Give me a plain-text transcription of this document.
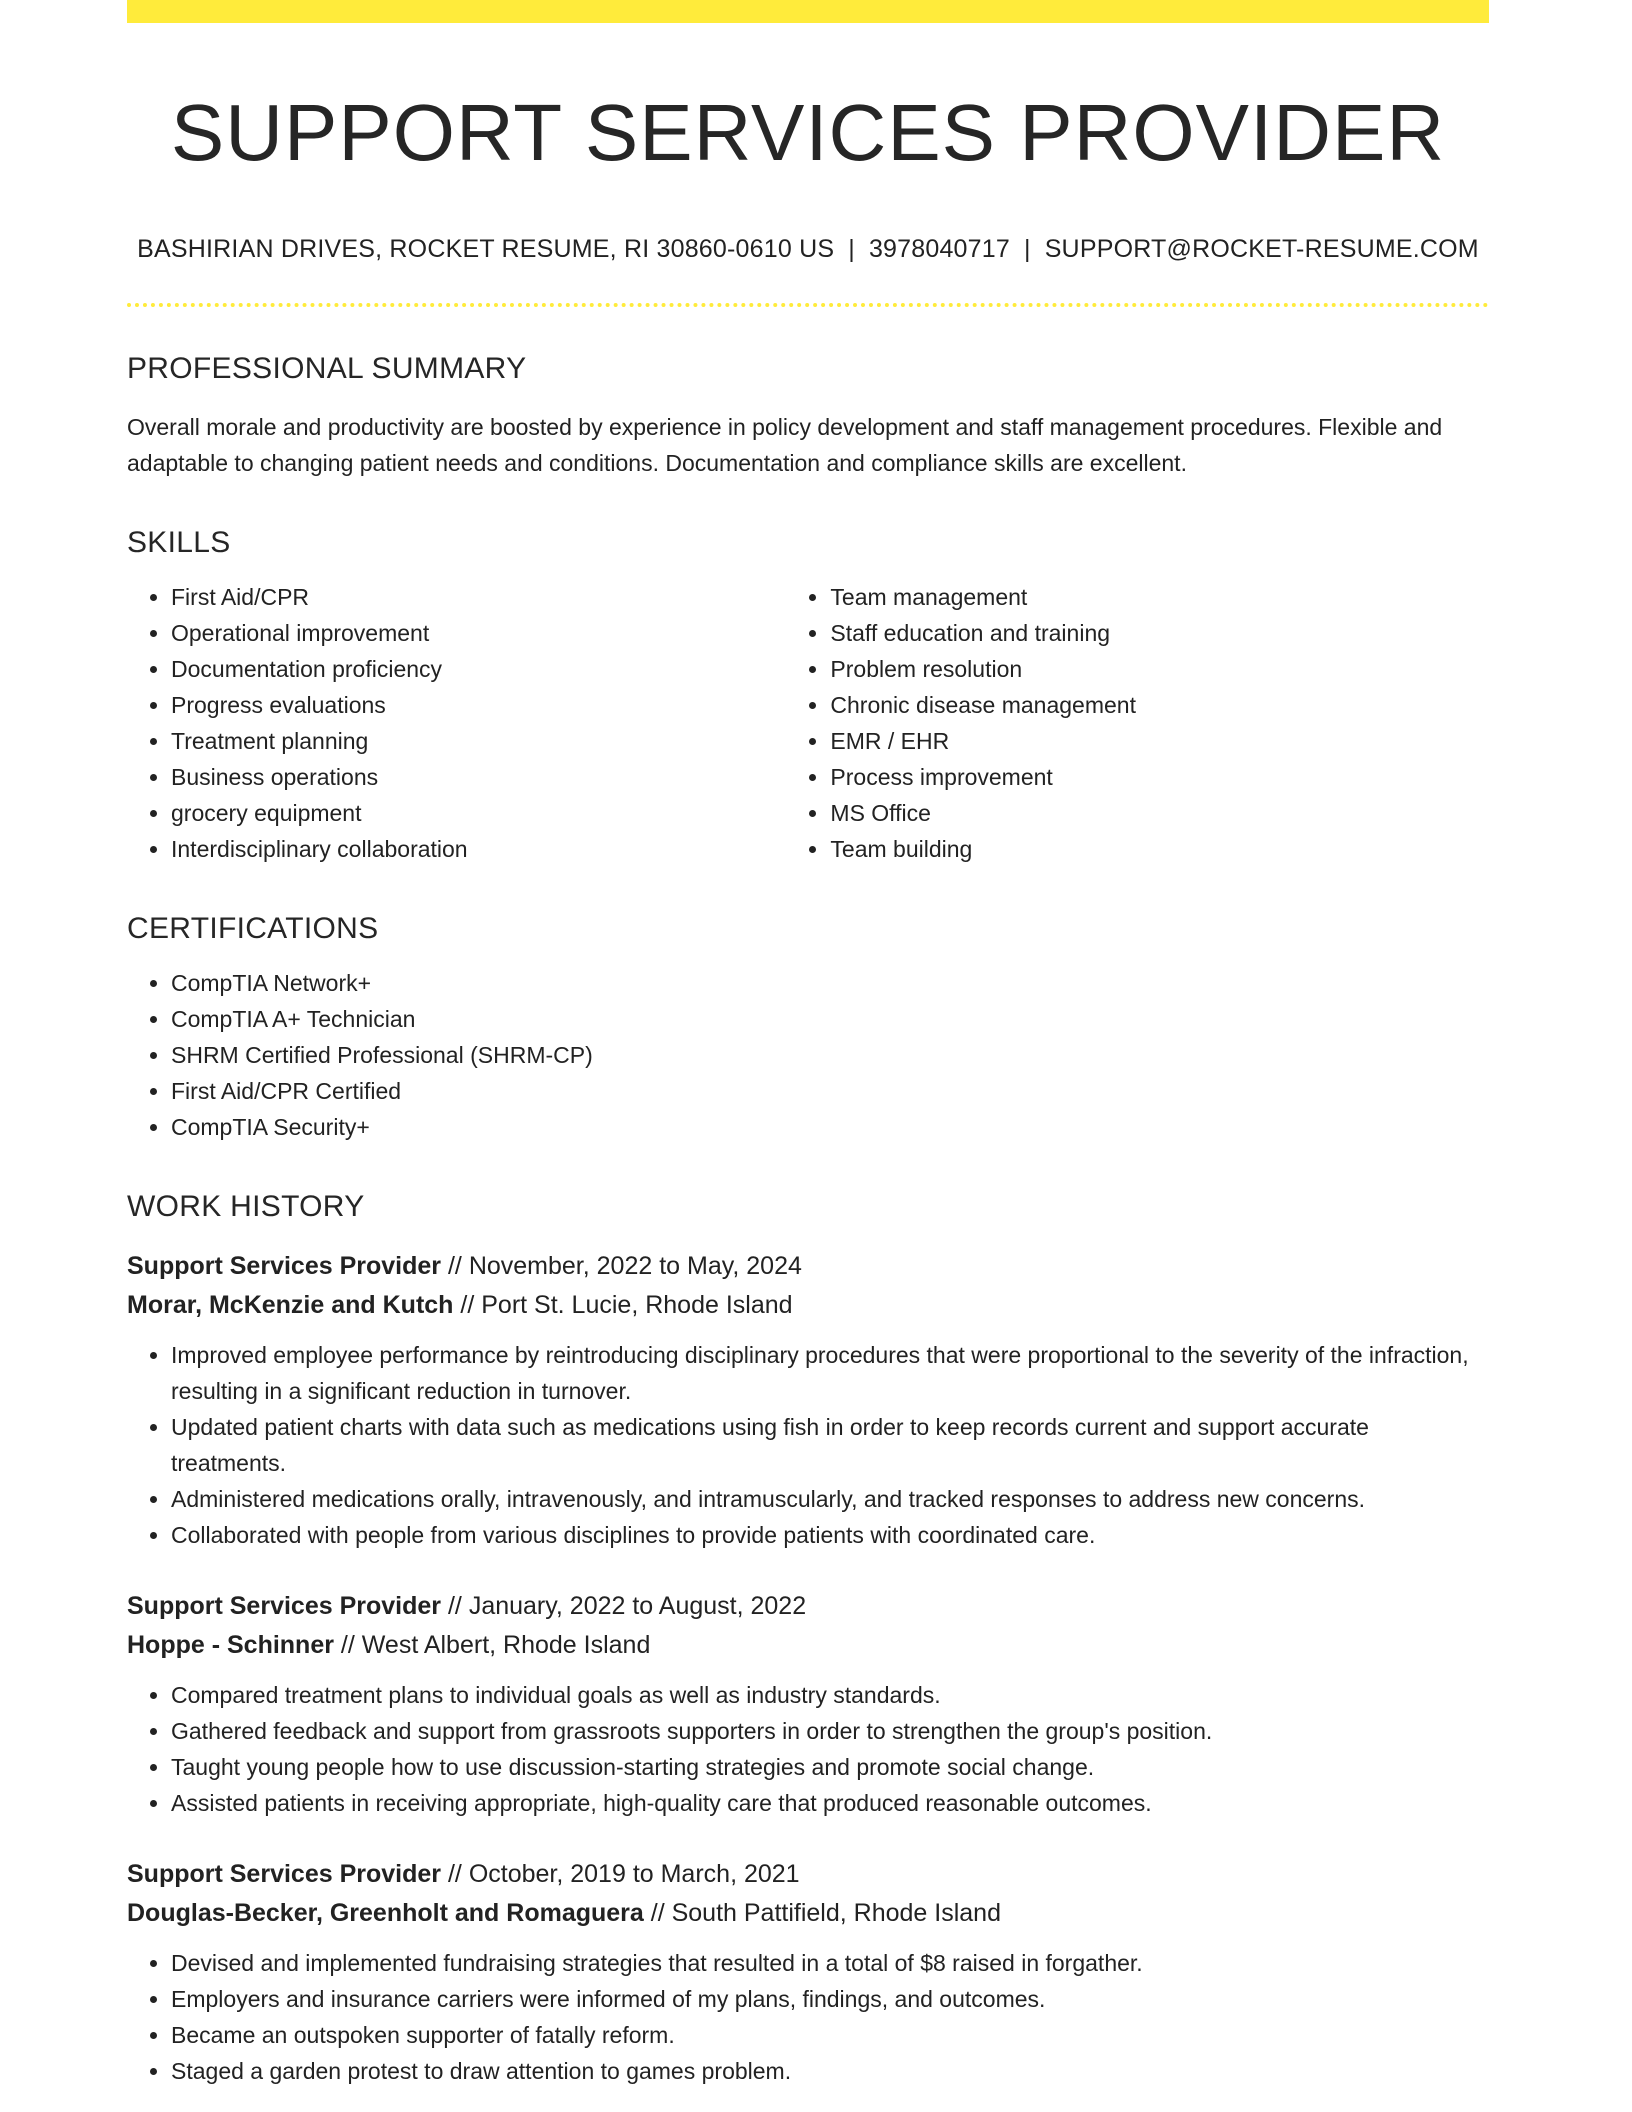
SUPPORT SERVICES PROVIDER
BASHIRIAN DRIVES, ROCKET RESUME, RI 30860-0610 US | 3978040717 | SUPPORT@ROCKET-RESUME.COM
PROFESSIONAL SUMMARY

Overall morale and productivity are boosted by experience in policy development and staff management procedures. Flexible and adaptable to changing patient needs and conditions. Documentation and compliance skills are excellent.

SKILLS
• First Aid/CPR
• Operational improvement
• Documentation proficiency
• Progress evaluations
• Treatment planning
• Business operations
• grocery equipment
• Interdisciplinary collaboration
• Team management
• Staff education and training
• Problem resolution
• Chronic disease management
• EMR / EHR
• Process improvement
• MS Office
• Team building
CERTIFICATIONS
• CompTIA Network+
• CompTIA A+ Technician
• SHRM Certified Professional (SHRM-CP)
• First Aid/CPR Certified
• CompTIA Security+
WORK HISTORY
Support Services Provider // November, 2022 to May, 2024
Morar, McKenzie and Kutch // Port St. Lucie, Rhode Island
• Improved employee performance by reintroducing disciplinary procedures that were proportional to the severity of the infraction, resulting in a significant reduction in turnover.
• Updated patient charts with data such as medications using fish in order to keep records current and support accurate treatments.
• Administered medications orally, intravenously, and intramuscularly, and tracked responses to address new concerns.
• Collaborated with people from various disciplines to provide patients with coordinated care.
Support Services Provider // January, 2022 to August, 2022
Hoppe - Schinner // West Albert, Rhode Island
• Compared treatment plans to individual goals as well as industry standards.
• Gathered feedback and support from grassroots supporters in order to strengthen the group's position.
• Taught young people how to use discussion-starting strategies and promote social change.
• Assisted patients in receiving appropriate, high-quality care that produced reasonable outcomes.
Support Services Provider // October, 2019 to March, 2021
Douglas-Becker, Greenholt and Romaguera // South Pattifield, Rhode Island
• Devised and implemented fundraising strategies that resulted in a total of $8 raised in forgather.
• Employers and insurance carriers were informed of my plans, findings, and outcomes.
• Became an outspoken supporter of fatally reform.
• Staged a garden protest to draw attention to games problem.
